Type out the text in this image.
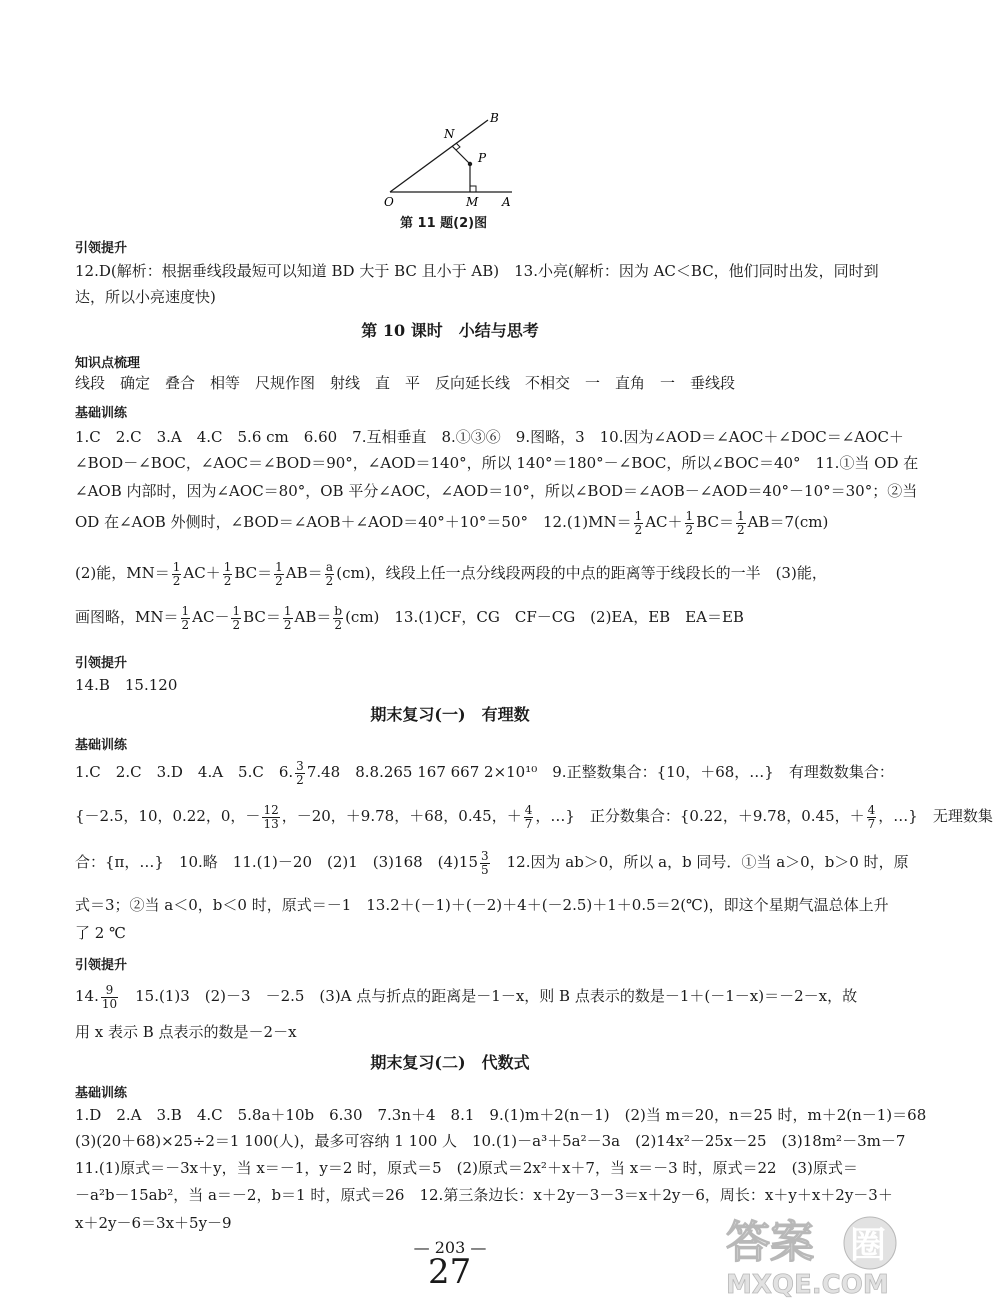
B
N
P
O	M A
第 11 题(2)图
引领提升
12.D(解析：根据垂线段最短可以知道 BD 大于 BC 且小于 AB)　13.小亮(解析：因为 AC＜BC，他们同时出发，同时到
达，所以小亮速度快)
第 10 课时　小结与思考
知识点梳理
线段　确定　叠合　相等　尺规作图　射线　直　平　反向延长线　不相交　一　直角　一　垂线段
基础训练
1.C　2.C　3.A　4.C　5.6 cm　6.60　7.互相垂直　8.①③⑥　9.图略，3　10.因为∠AOD＝∠AOC＋∠DOC＝∠AOC＋
∠BOD－∠BOC，∠AOC＝∠BOD＝90°，∠AOD＝140°，所以 140°＝180°－∠BOC，所以∠BOC＝40°　11.①当 OD 在
∠AOB 内部时，因为∠AOC＝80°，OB 平分∠AOC，∠AOD＝10°，所以∠BOD＝∠AOB－∠AOD＝40°－10°＝30°；②当
OD 在∠AOB 外侧时，∠BOD＝∠AOB＋∠AOD＝40°＋10°＝50°　$12.(1)MN= \frac{1}{2} AC+ \frac{1}{2} BC= \frac{1}{2} AB=7(cm)$
(2)能，$MN= \frac{1}{2} AC+ \frac{1}{2} BC= \frac{1}{2} AB= \frac{a}{2} (cm)$，线段上任一点分线段两段的中点的距离等于线段长的一半　(3)能，
画图略，$MN= \frac{1}{2} AC- \frac{1}{2} BC= \frac{1}{2} AB= \frac{b}{2} (cm)$　13.(1)CF，CG　CF－CG　(2)EA，EB　EA＝EB
引领提升
14.B　15.120
期末复习(一)　有理数
基础训练
1.C　2.C　3.D　4.A　5.C　6. $\frac{3}{2} 7.48$　8.8.265 167 667 2×10¹⁰　9.正整数集合：{10，＋68，…}　有理数数集合：
{－2.5，10，0.22，0，－ $\frac{12}{13}$ ，－20，＋9.78，＋68，0.45，＋ $\frac{4}{7}$ ，…}　正分数集合：{0.22，＋9.78，0.45，＋ $\frac{4}{7}$ ，…}　无理数集
合：{π，…}　10.略　11.(1)－20　(2)1　(3)168　$(4)15 \frac{3}{5}$ 　12.因为 ab＞0，所以 a，b 同号．①当 a＞0，b＞0 时，原
式＝3；②当 a＜0，b＜0 时，原式＝－1　13.2＋(－1)＋(－2)＋4＋(－2.5)＋1＋0.5＝2(℃)，即这个星期气温总体上升
了 2 ℃
引领提升
14. $\frac{9}{10}$ 　15.(1)3　(2)－3　－2.5　(3)A 点与折点的距离是－1－x，则 B 点表示的数是－1＋(－1－x)＝－2－x，故
用 x 表示 B 点表示的数是－2－x
期末复习(二)　代数式
基础训练
1.D　2.A　3.B　4.C　5.8a＋10b　6.30　7.3n＋4　8.1　9.(1)m＋2(n－1)　(2)当 m＝20，n＝25 时，m＋2(n－1)＝68
(3)(20＋68)×25÷2＝1 100(人)，最多可容纳 1 100 人　10.(1)－a³＋5a²－3a　(2)14x²－25x－25　(3)18m²－3m－7
11.(1)原式＝－3x＋y，当 x＝－1，y＝2 时，原式＝5　(2)原式＝2x²＋x＋7，当 x＝－3 时，原式＝22　(3)原式＝
－a²b－15ab²，当 a＝－2，b＝1 时，原式＝26　12.第三条边长：x＋2y－3－3＝x＋2y－6，周长：x＋y＋x＋2y－3＋
x＋2y－6＝3x＋5y－9
— 203 —
27
答案 圈
MXQE.COM
